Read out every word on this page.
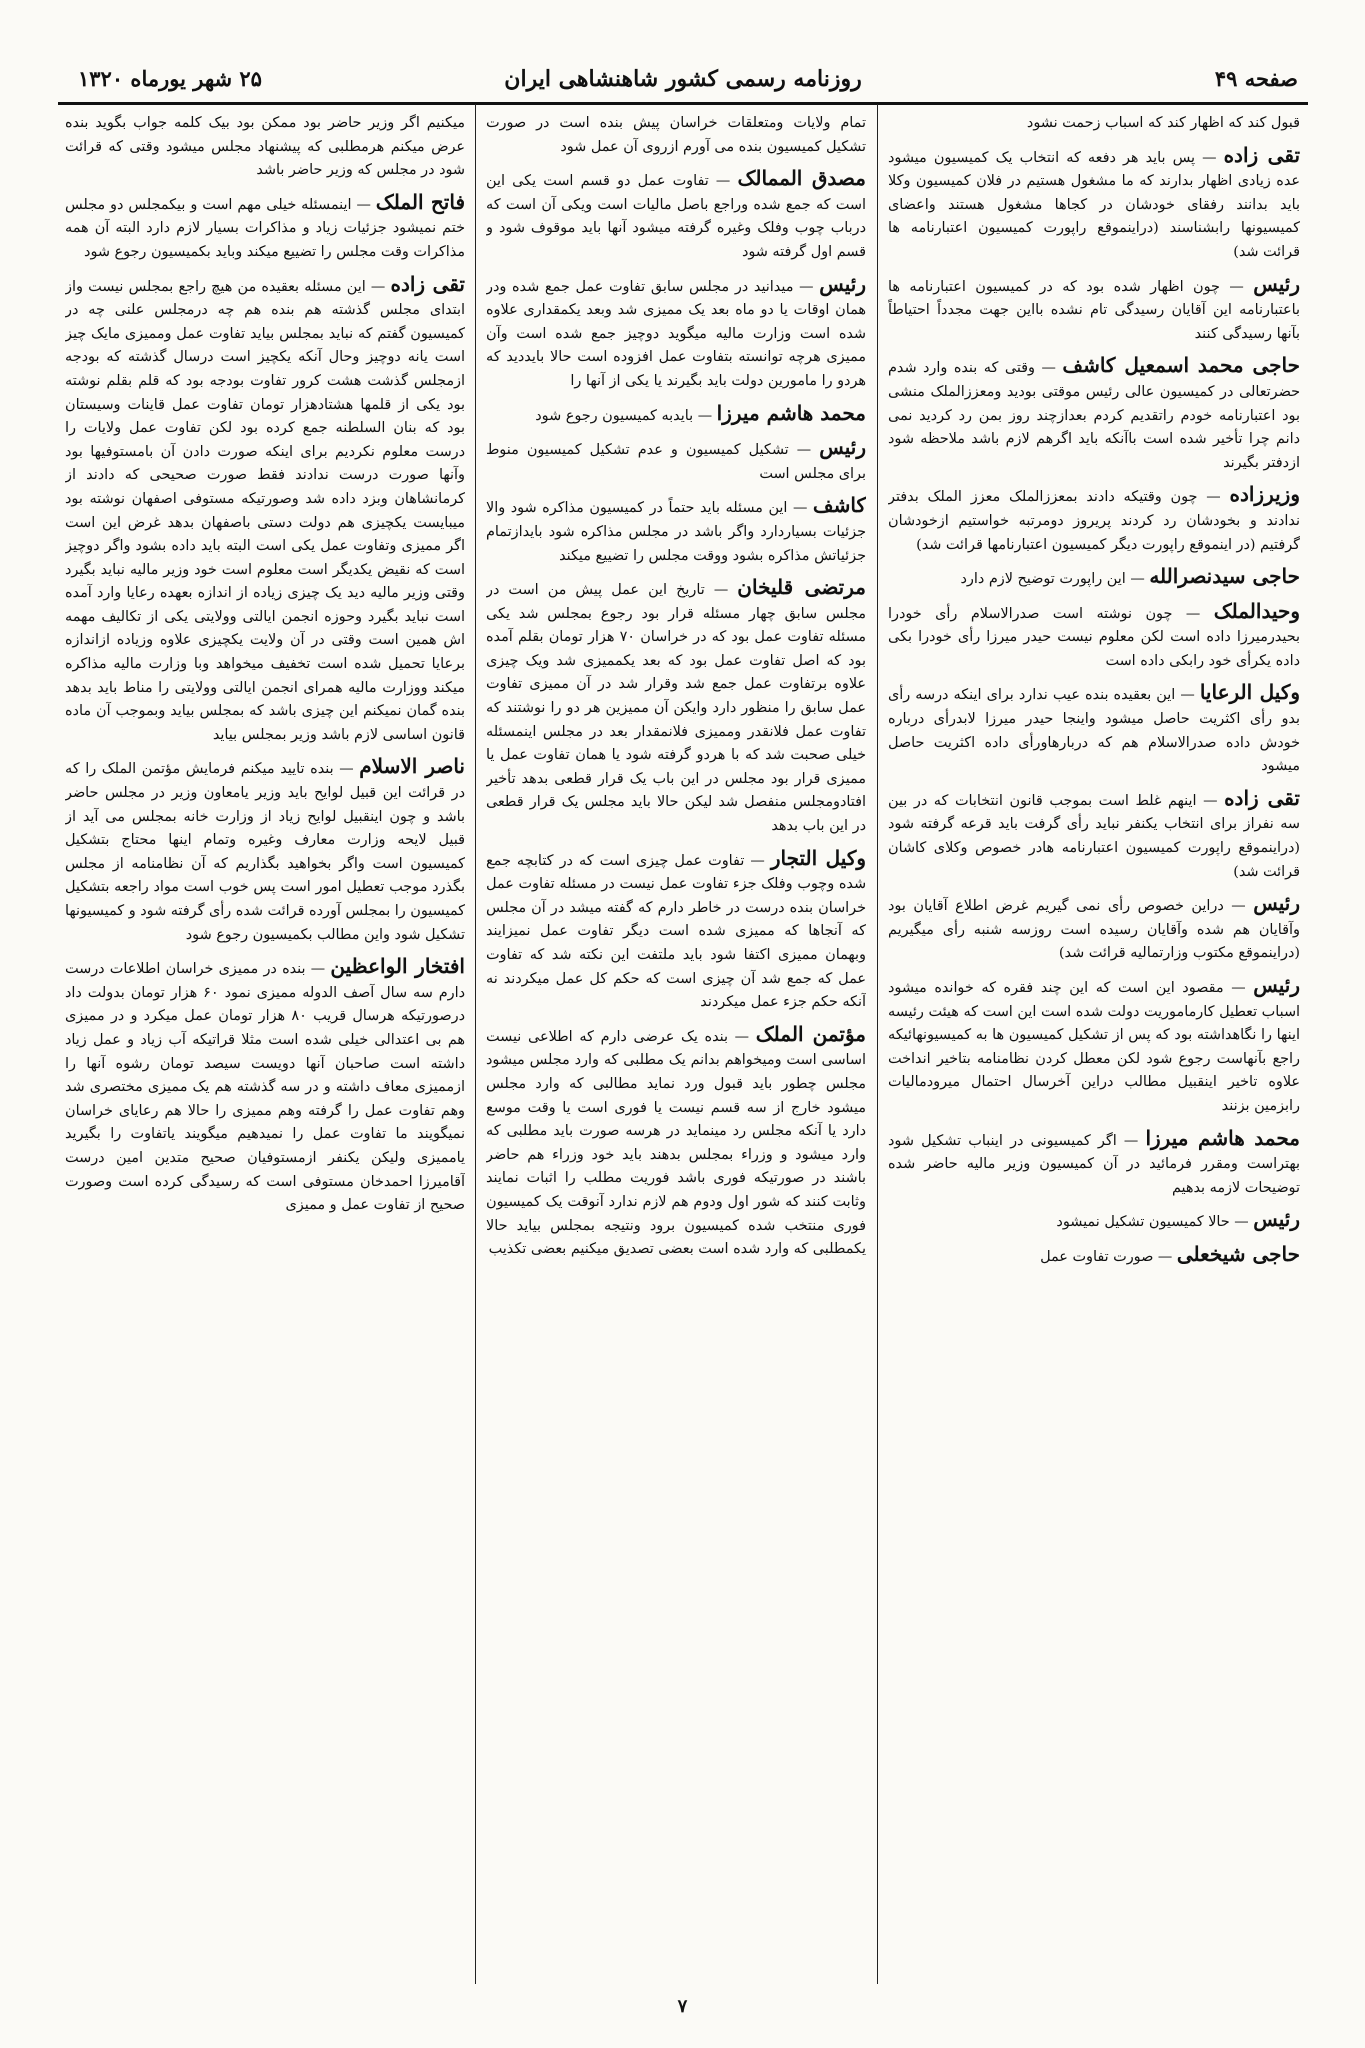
صفحه ۴۹
روزنامه رسمی کشور شاهنشاهی ایران
۲۵ شهر یورماه ۱۳۲۰

قبول کند که اظهار کند که اسباب زحمت نشود

تقی زاده — پس باید هر دفعه که انتخاب یک کمیسیون میشود عده زیادی اظهار بدارند که ما مشغول هستیم در فلان کمیسیون وکلا باید بدانند رفقای خودشان در کجاها مشغول هستند واعضای کمیسیونها رابشناسند (دراینموقع راپورت کمیسیون اعتبارنامه ها قرائت شد)

رئیس — چون اظهار شده بود که در کمیسیون اعتبارنامه ها باعتبارنامه این آقایان رسیدگی تام نشده بااین جهت مجدداً احتیاطاً بآنها رسیدگی کنند

حاجی محمد اسمعیل کاشف — وقتی که بنده وارد شدم حضرتعالی در کمیسیون عالی رئیس موقتی بودید ومعززالملک منشی بود اعتبارنامه خودم راتقدیم کردم بعدازچند روز بمن رد کردید نمی دانم چرا تأخیر شده است باآنکه باید اگرهم لازم باشد ملاحظه شود ازدفتر بگیرند

وزیرزاده — چون وقتیکه دادند بمعززالملک معزز الملک بدفتر ندادند و بخودشان رد کردند پریروز دومرتبه خواستیم ازخودشان گرفتیم (در اینموقع راپورت دیگر کمیسیون اعتبارنامها قرائت شد)

حاجی سیدنصرالله — این راپورت توضیح لازم دارد

وحیدالملک — چون نوشته است صدرالاسلام رأی خودرا بحیدرمیرزا داده است لکن معلوم نیست حیدر میرزا رأی خودرا بکی داده یکرأی خود رابکی داده است

وکیل الرعایا — این بعقیده بنده عیب ندارد برای اینکه درسه رأی بدو رأی اکثریت حاصل میشود واینجا حیدر میرزا لابدرأی درباره خودش داده صدرالاسلام هم که دربارهاورأی داده اکثریت حاصل میشود

تقی زاده — اینهم غلط است بموجب قانون انتخابات که در بین سه نفراز برای انتخاب یکنفر نباید رأی گرفت باید قرعه گرفته شود (دراینموقع راپورت کمیسیون اعتبارنامه هادر خصوص وکلای کاشان قرائت شد)

رئیس — دراین خصوص رأی نمی گیریم غرض اطلاع آقایان بود وآقایان هم شده وآقایان رسیده است روزسه شنبه رأی میگیریم (دراینموقع مکتوب وزارتمالیه قرائت شد)

رئیس — مقصود این است که این چند فقره که خوانده میشود اسباب تعطیل کارماموریت دولت شده است این است که هیئت رئیسه اینها را نگاهداشته بود که پس از تشکیل کمیسیون ها به کمیسیونهائیکه راجع بآنهاست رجوع شود لکن معطل کردن نظامنامه بتاخیر انداخت علاوه تاخیر اینقبیل مطالب دراین آخرسال احتمال میرودمالیات رابزمین بزنند

محمد هاشم میرزا — اگر کمیسیونی در اینباب تشکیل شود بهتراست ومقرر فرمائید در آن کمیسیون وزیر مالیه حاضر شده توضیحات لازمه بدهیم

رئیس — حالا کمیسیون تشکیل نمیشود

حاجی شیخعلی — صورت تفاوت عمل

تمام ولایات ومتعلقات خراسان پیش بنده است در صورت تشکیل کمیسیون بنده می آورم ازروی آن عمل شود

مصدق الممالک — تفاوت عمل دو قسم است یکی این است که جمع شده وراجع باصل مالیات است ویکی آن است که درباب چوب وفلک وغیره گرفته میشود آنها باید موقوف شود و قسم اول گرفته شود

رئیس — میدانید در مجلس سابق تفاوت عمل جمع شده ودر همان اوقات یا دو ماه بعد یک ممیزی شد وبعد یکمقداری علاوه شده است وزارت مالیه میگوید دوچیز جمع شده است وآن ممیزی هرچه توانسته بتفاوت عمل افزوده است حالا بایددید که هردو را مامورین دولت باید بگیرند یا یکی از آنها را

محمد هاشم میرزا — بایدبه کمیسیون رجوع شود

رئیس — تشکیل کمیسیون و عدم تشکیل کمیسیون منوط برای مجلس است

کاشف — این مسئله باید حتماً در کمیسیون مذاکره شود والا جزئیات بسیاردارد واگر باشد در مجلس مذاکره شود بایدازتمام جزئیاتش مذاکره بشود ووقت مجلس را تضییع میکند

مرتضی قلیخان — تاریخ این عمل پیش من است در مجلس سابق چهار مسئله قرار بود رجوع بمجلس شد یکی مسئله تفاوت عمل بود که در خراسان ۷۰ هزار تومان بقلم آمده بود که اصل تفاوت عمل بود که بعد یکممیزی شد ویک چیزی علاوه برتفاوت عمل جمع شد وقرار شد در آن ممیزی تفاوت عمل سابق را منظور دارد وایکن آن ممیزین هر دو را نوشتند که تفاوت عمل فلانقدر وممیزی فلانمقدار بعد در مجلس اینمسئله خیلی صحبت شد که با هردو گرفته شود یا همان تفاوت عمل یا ممیزی قرار بود مجلس در این باب یک قرار قطعی بدهد تأخیر افتادومجلس منفصل شد لیکن حالا باید مجلس یک قرار قطعی در این باب بدهد

وکیل التجار — تفاوت عمل چیزی است که در کتابچه جمع شده وچوب وفلک جزء تفاوت عمل نیست در مسئله تفاوت عمل خراسان بنده درست در خاطر دارم که گفته میشد در آن مجلس که آنجاها که ممیزی شده است دیگر تفاوت عمل نمیزایند وبهمان ممیزی اکتفا شود باید ملتفت این نکته شد که تفاوت عمل که جمع شد آن چیزی است که حکم کل عمل میکردند نه آنکه حکم جزء عمل میکردند

مؤتمن الملک — بنده یک عرضی دارم که اطلاعی نیست اساسی است ومیخواهم بدانم یک مطلبی که وارد مجلس میشود مجلس چطور باید قبول ورد نماید مطالبی که وارد مجلس میشود خارج از سه قسم نیست یا فوری است یا وقت موسع دارد یا آنکه مجلس رد مینماید در هرسه صورت باید مطلبی که وارد میشود و وزراء بمجلس بدهند باید خود وزراء هم حاضر باشند در صورتیکه فوری باشد فوریت مطلب را اثبات نمایند وثابت کنند که شور اول ودوم هم لازم ندارد آنوقت یک کمیسیون فوری منتخب شده کمیسیون برود ونتیجه بمجلس بیاید حالا یکمطلبی که وارد شده است بعضی تصدیق میکنیم بعضی تکذیب

میکنیم اگر وزیر حاضر بود ممکن بود بیک کلمه جواب بگوید بنده عرض میکنم هرمطلبی که پیشنهاد مجلس میشود وقتی که قرائت شود در مجلس که وزیر حاضر باشد

فاتح الملک — اینمسئله خیلی مهم است و بیکمجلس دو مجلس ختم نمیشود جزئیات زیاد و مذاکرات بسیار لازم دارد البته آن همه مذاکرات وقت مجلس را تضییع میکند وباید بکمیسیون رجوع شود

تقی زاده — این مسئله بعقیده من هیچ راجع بمجلس نیست واز ابتدای مجلس گذشته هم بنده هم چه درمجلس علنی چه در کمیسیون گفتم که نباید بمجلس بیاید تفاوت عمل وممیزی مایک چیز است یانه دوچیز وحال آنکه یکچیز است درسال گذشته که بودجه ازمجلس گذشت هشت کرور تفاوت بودجه بود که قلم بقلم نوشته بود یکی از قلمها هشتادهزار تومان تفاوت عمل قاینات وسیستان بود که بنان السلطنه جمع کرده بود لکن تفاوت عمل ولایات را درست معلوم نکردیم برای اینکه صورت دادن آن بامستوفیها بود وآنها صورت درست ندادند فقط صورت صحیحی که دادند از کرمانشاهان وبزد داده شد وصورتیکه مستوفی اصفهان نوشته بود میبایست یکچیزی هم دولت دستی باصفهان بدهد غرض این است اگر ممیزی وتفاوت عمل یکی است البته باید داده بشود واگر دوچیز است که نقیض یکدیگر است معلوم است خود وزیر مالیه نباید بگیرد وقتی وزیر مالیه دید یک چیزی زیاده از اندازه بعهده رعایا وارد آمده است نباید بگیرد وحوزه انجمن ایالتی وولایتی یکی از تکالیف مهمه اش همین است وقتی در آن ولایت یکچیزی علاوه وزیاده ازاندازه برعایا تحمیل شده است تخفیف میخواهد وبا وزارت مالیه مذاکره میکند ووزارت مالیه همرای انجمن ایالتی وولایتی را مناط باید بدهد بنده گمان نمیکنم این چیزی باشد که بمجلس بیاید وبموجب آن ماده قانون اساسی لازم باشد وزیر بمجلس بیاید

ناصر الاسلام — بنده تایید میکنم فرمایش مؤتمن الملک را که در قرائت این قبیل لوایح باید وزیر یامعاون وزیر در مجلس حاضر باشد و چون اینقبیل لوایح زیاد از وزارت خانه بمجلس می آید از قبیل لایحه وزارت معارف وغیره وتمام اینها محتاج بتشکیل کمیسیون است واگر بخواهید بگذاریم که آن نظامنامه از مجلس بگذرد موجب تعطیل امور است پس خوب است مواد راجعه بتشکیل کمیسیون را بمجلس آورده قرائت شده رأی گرفته شود و کمیسیونها تشکیل شود واین مطالب بکمیسیون رجوع شود

افتخار الواعظین — بنده در ممیزی خراسان اطلاعات درست دارم سه سال آصف الدوله ممیزی نمود ۶۰ هزار تومان بدولت داد درصورتیکه هرسال قریب ۸۰ هزار تومان عمل میکرد و در ممیزی هم بی اعتدالی خیلی شده است مثلا قراتیکه آب زیاد و عمل زیاد داشته است صاحبان آنها دویست سیصد تومان رشوه آنها را ازممیزی معاف داشته و در سه گذشته هم یک ممیزی مختصری شد وهم تفاوت عمل را گرفته وهم ممیزی را حالا هم رعایای خراسان نمیگویند ما تفاوت عمل را نمیدهیم میگویند یاتفاوت را بگیرید یاممیزی ولیکن یکنفر ازمستوفیان صحیح متدین امین درست آقامیرزا احمدخان مستوفی است که رسیدگی کرده است وصورت صحیح از تفاوت عمل و ممیزی

۷
